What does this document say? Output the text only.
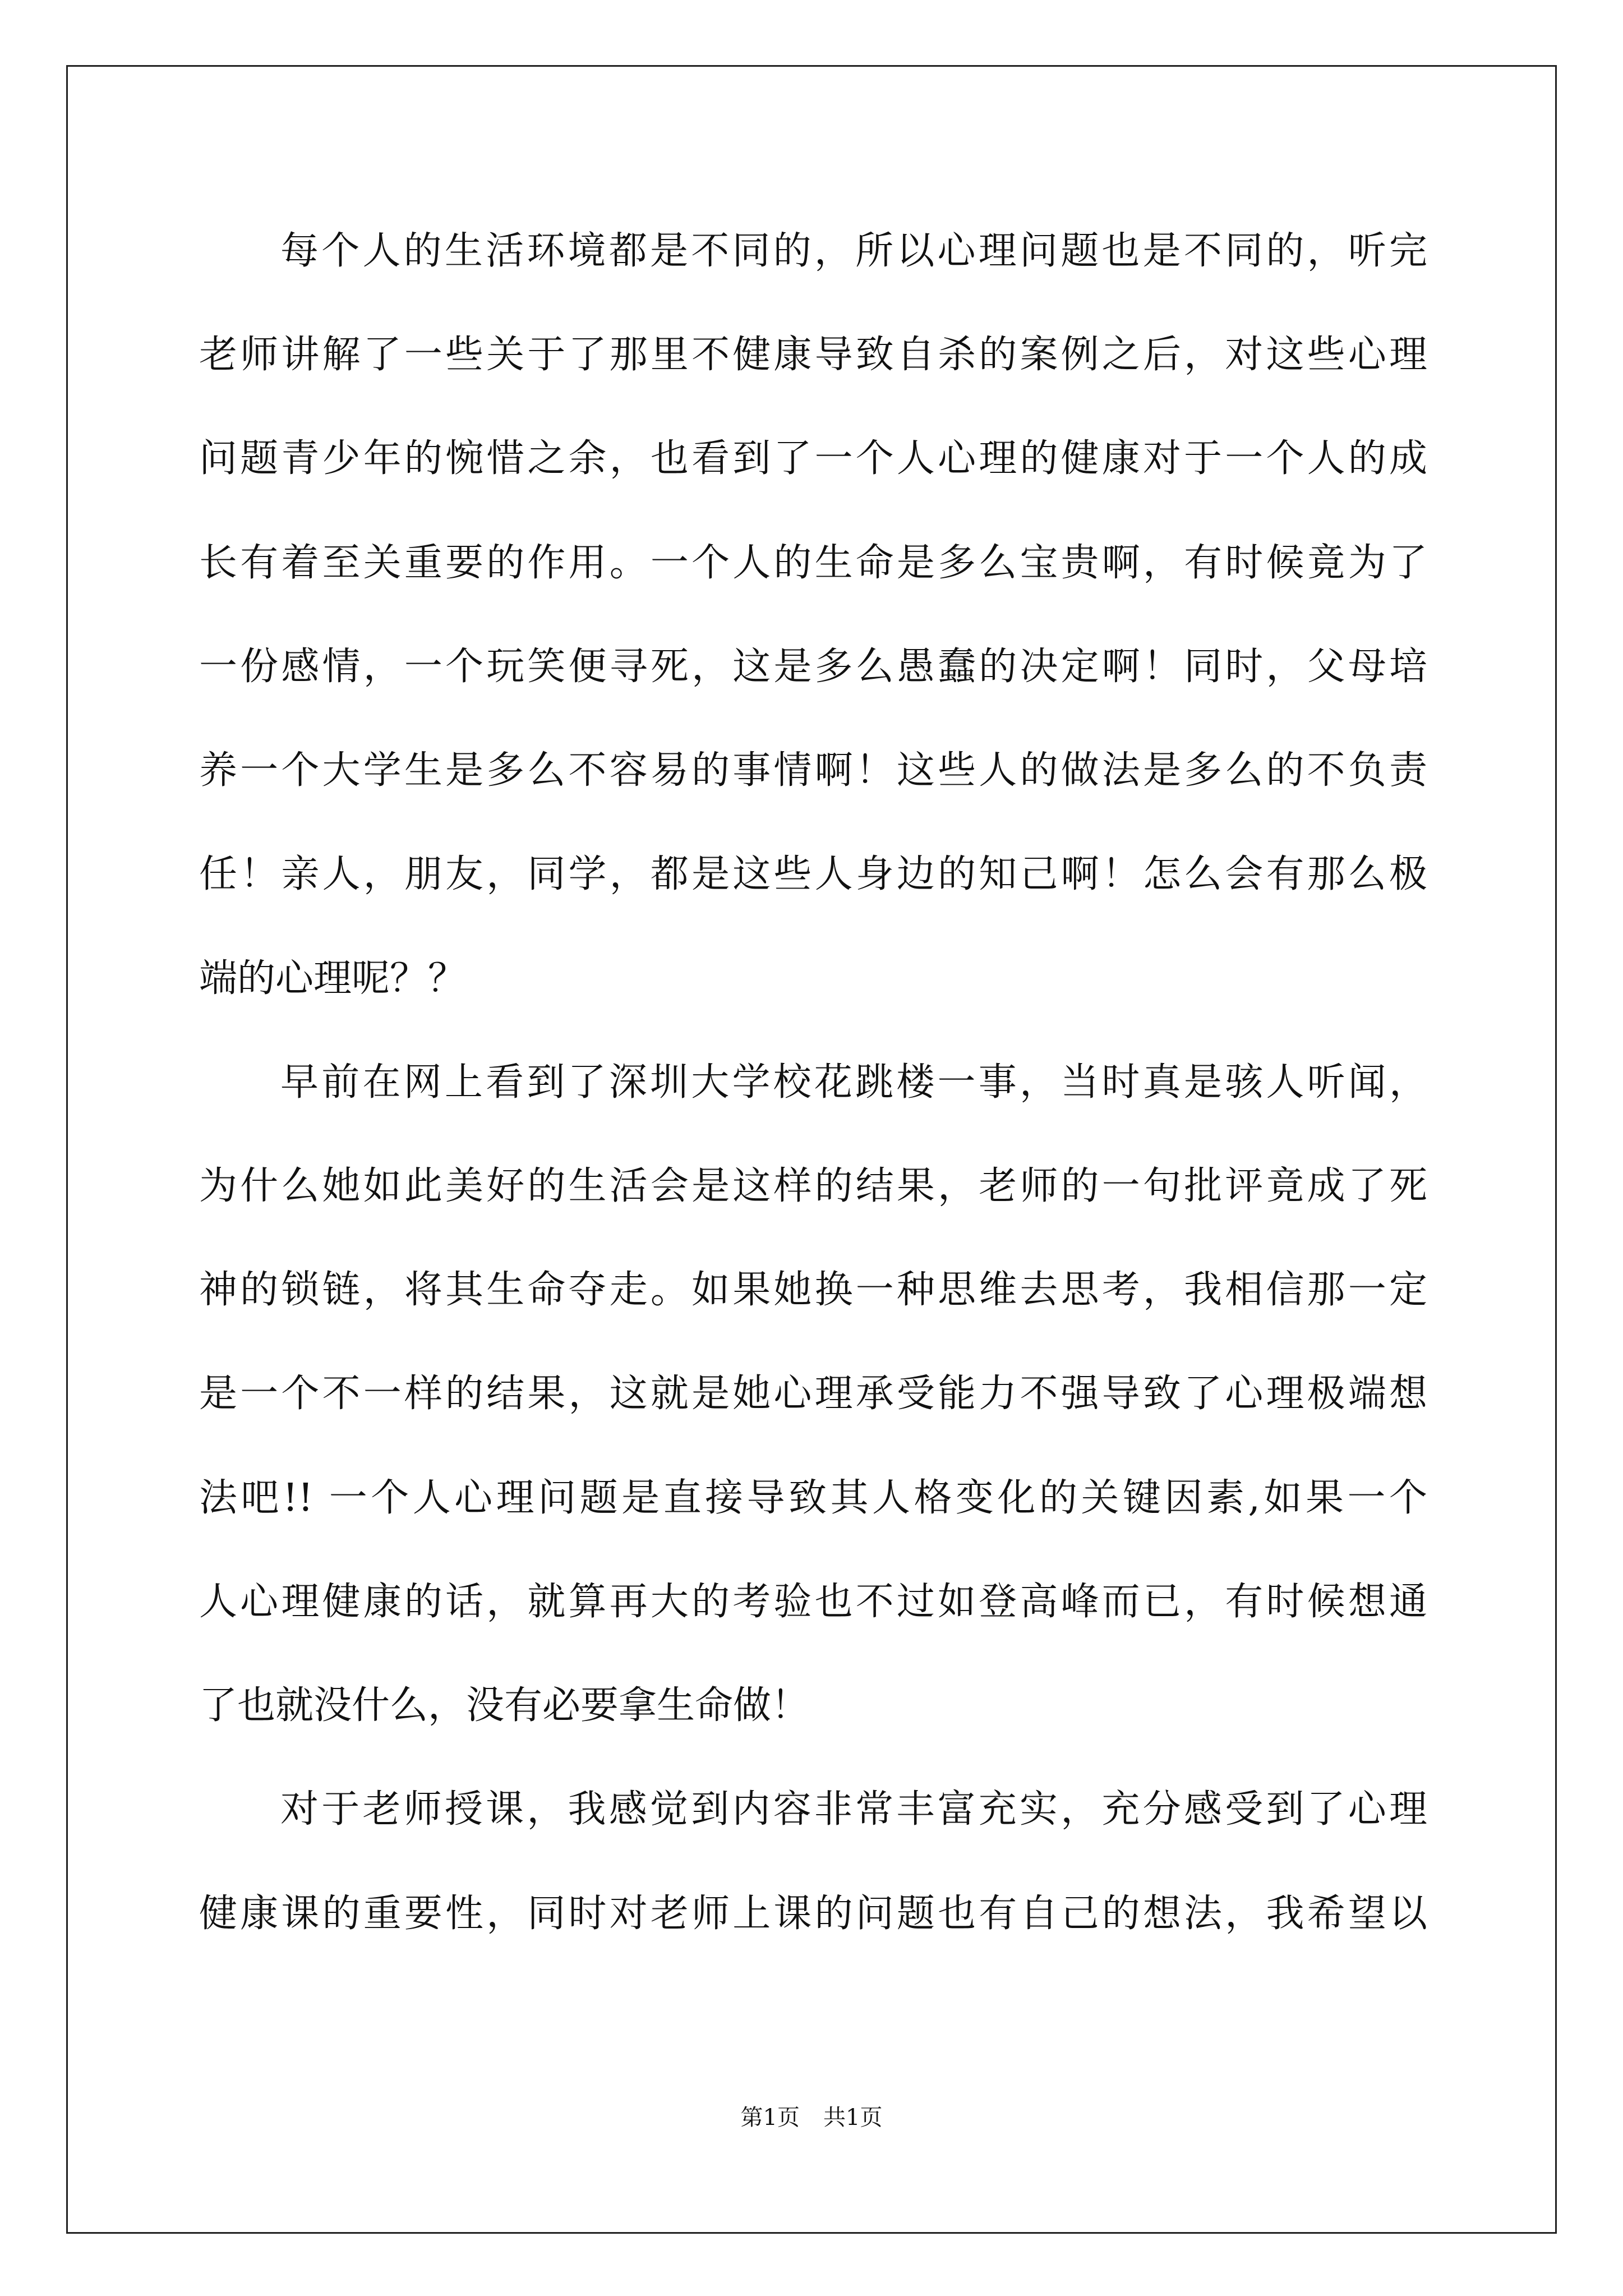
每个人的生活环境都是不同的，所以心理问题也是不同的，听完
老师讲解了一些关于了那里不健康导致自杀的案例之后，对这些心理
问题青少年的惋惜之余，也看到了一个人心理的健康对于一个人的成
长有着至关重要的作用。一个人的生命是多么宝贵啊，有时候竟为了
一份感情，一个玩笑便寻死，这是多么愚蠢的决定啊！同时，父母培
养一个大学生是多么不容易的事情啊！这些人的做法是多么的不负责
任！亲人，朋友，同学，都是这些人身边的知己啊！怎么会有那么极
端的心理呢？？
早前在网上看到了深圳大学校花跳楼一事，当时真是骇人听闻，
为什么她如此美好的生活会是这样的结果，老师的一句批评竟成了死
神的锁链，将其生命夺走。如果她换一种思维去思考，我相信那一定
是一个不一样的结果，这就是她心理承受能力不强导致了心理极端想
法吧!! 一个人心理问题是直接导致其人格变化的关键因素,如果一个
人心理健康的话，就算再大的考验也不过如登高峰而已，有时候想通
了也就没什么，没有必要拿生命做！
对于老师授课，我感觉到内容非常丰富充实，充分感受到了心理
健康课的重要性，同时对老师上课的问题也有自己的想法，我希望以
第1页 共1页
